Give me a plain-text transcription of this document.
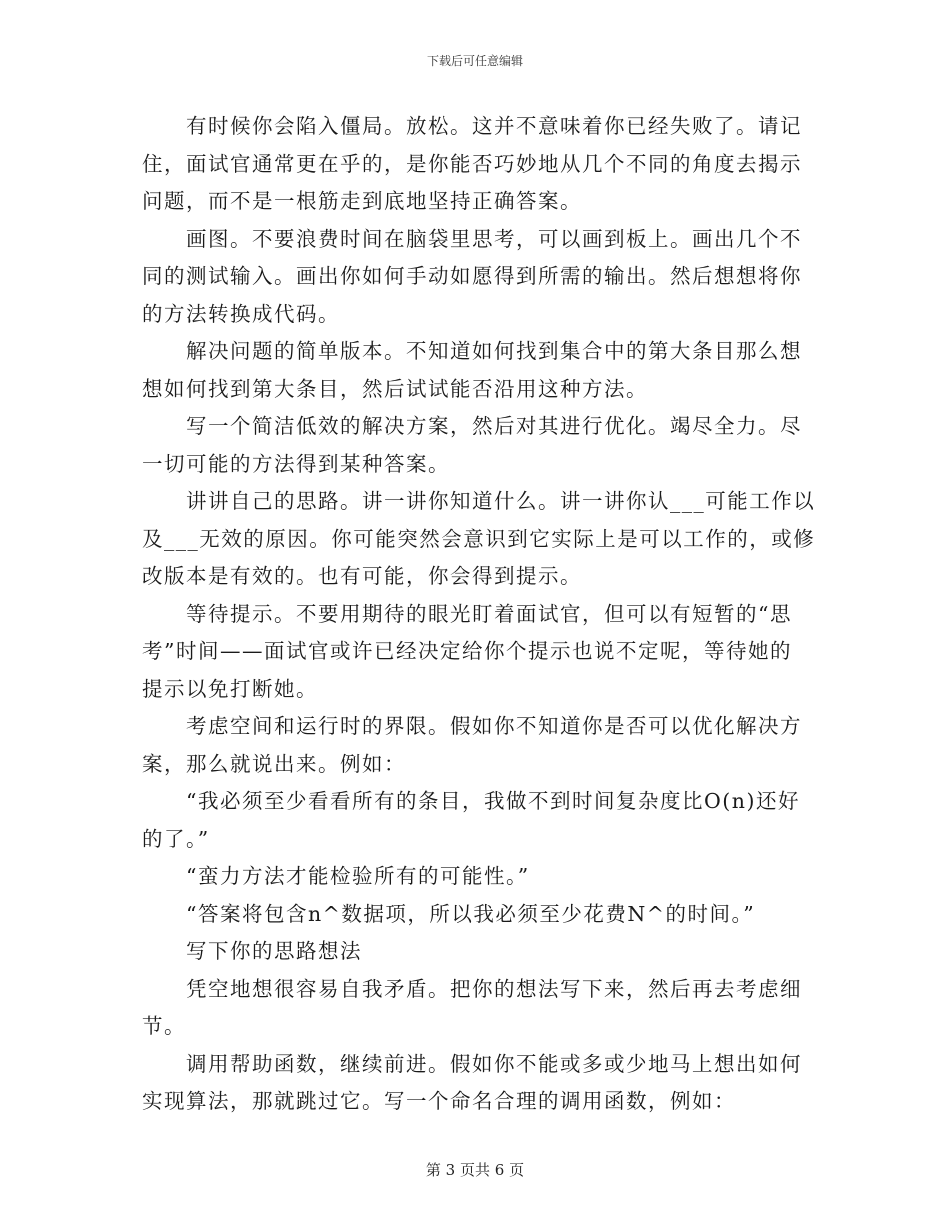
下载后可任意编辑
有时候你会陷入僵局。放松。这并不意味着你已经失败了。请记
住，面试官通常更在乎的，是你能否巧妙地从几个不同的角度去揭示
问题，而不是一根筋走到底地坚持正确答案。
画图。不要浪费时间在脑袋里思考，可以画到板上。画出几个不
同的测试输入。画出你如何手动如愿得到所需的输出。然后想想将你
的方法转换成代码。
解决问题的简单版本。不知道如何找到集合中的第大条目那么想
想如何找到第大条目，然后试试能否沿用这种方法。
写一个简洁低效的解决方案，然后对其进行优化。竭尽全力。尽
一切可能的方法得到某种答案。
讲讲自己的思路。讲一讲你知道什么。讲一讲你认___可能工作以
及___无效的原因。你可能突然会意识到它实际上是可以工作的，或修
改版本是有效的。也有可能，你会得到提示。
等待提示。不要用期待的眼光盯着面试官，但可以有短暂的“思
考”时间——面试官或许已经决定给你个提示也说不定呢，等待她的
提示以免打断她。
考虑空间和运行时的界限。假如你不知道你是否可以优化解决方
案，那么就说出来。例如：
“我必须至少看看所有的条目，我做不到时间复杂度比O(n)还好
的了。”
“蛮力方法才能检验所有的可能性。”
“答案将包含n^数据项，所以我必须至少花费N^的时间。”
写下你的思路想法
凭空地想很容易自我矛盾。把你的想法写下来，然后再去考虑细
节。
调用帮助函数，继续前进。假如你不能或多或少地马上想出如何
实现算法，那就跳过它。写一个命名合理的调用函数，例如：
第 3 页共 6 页
